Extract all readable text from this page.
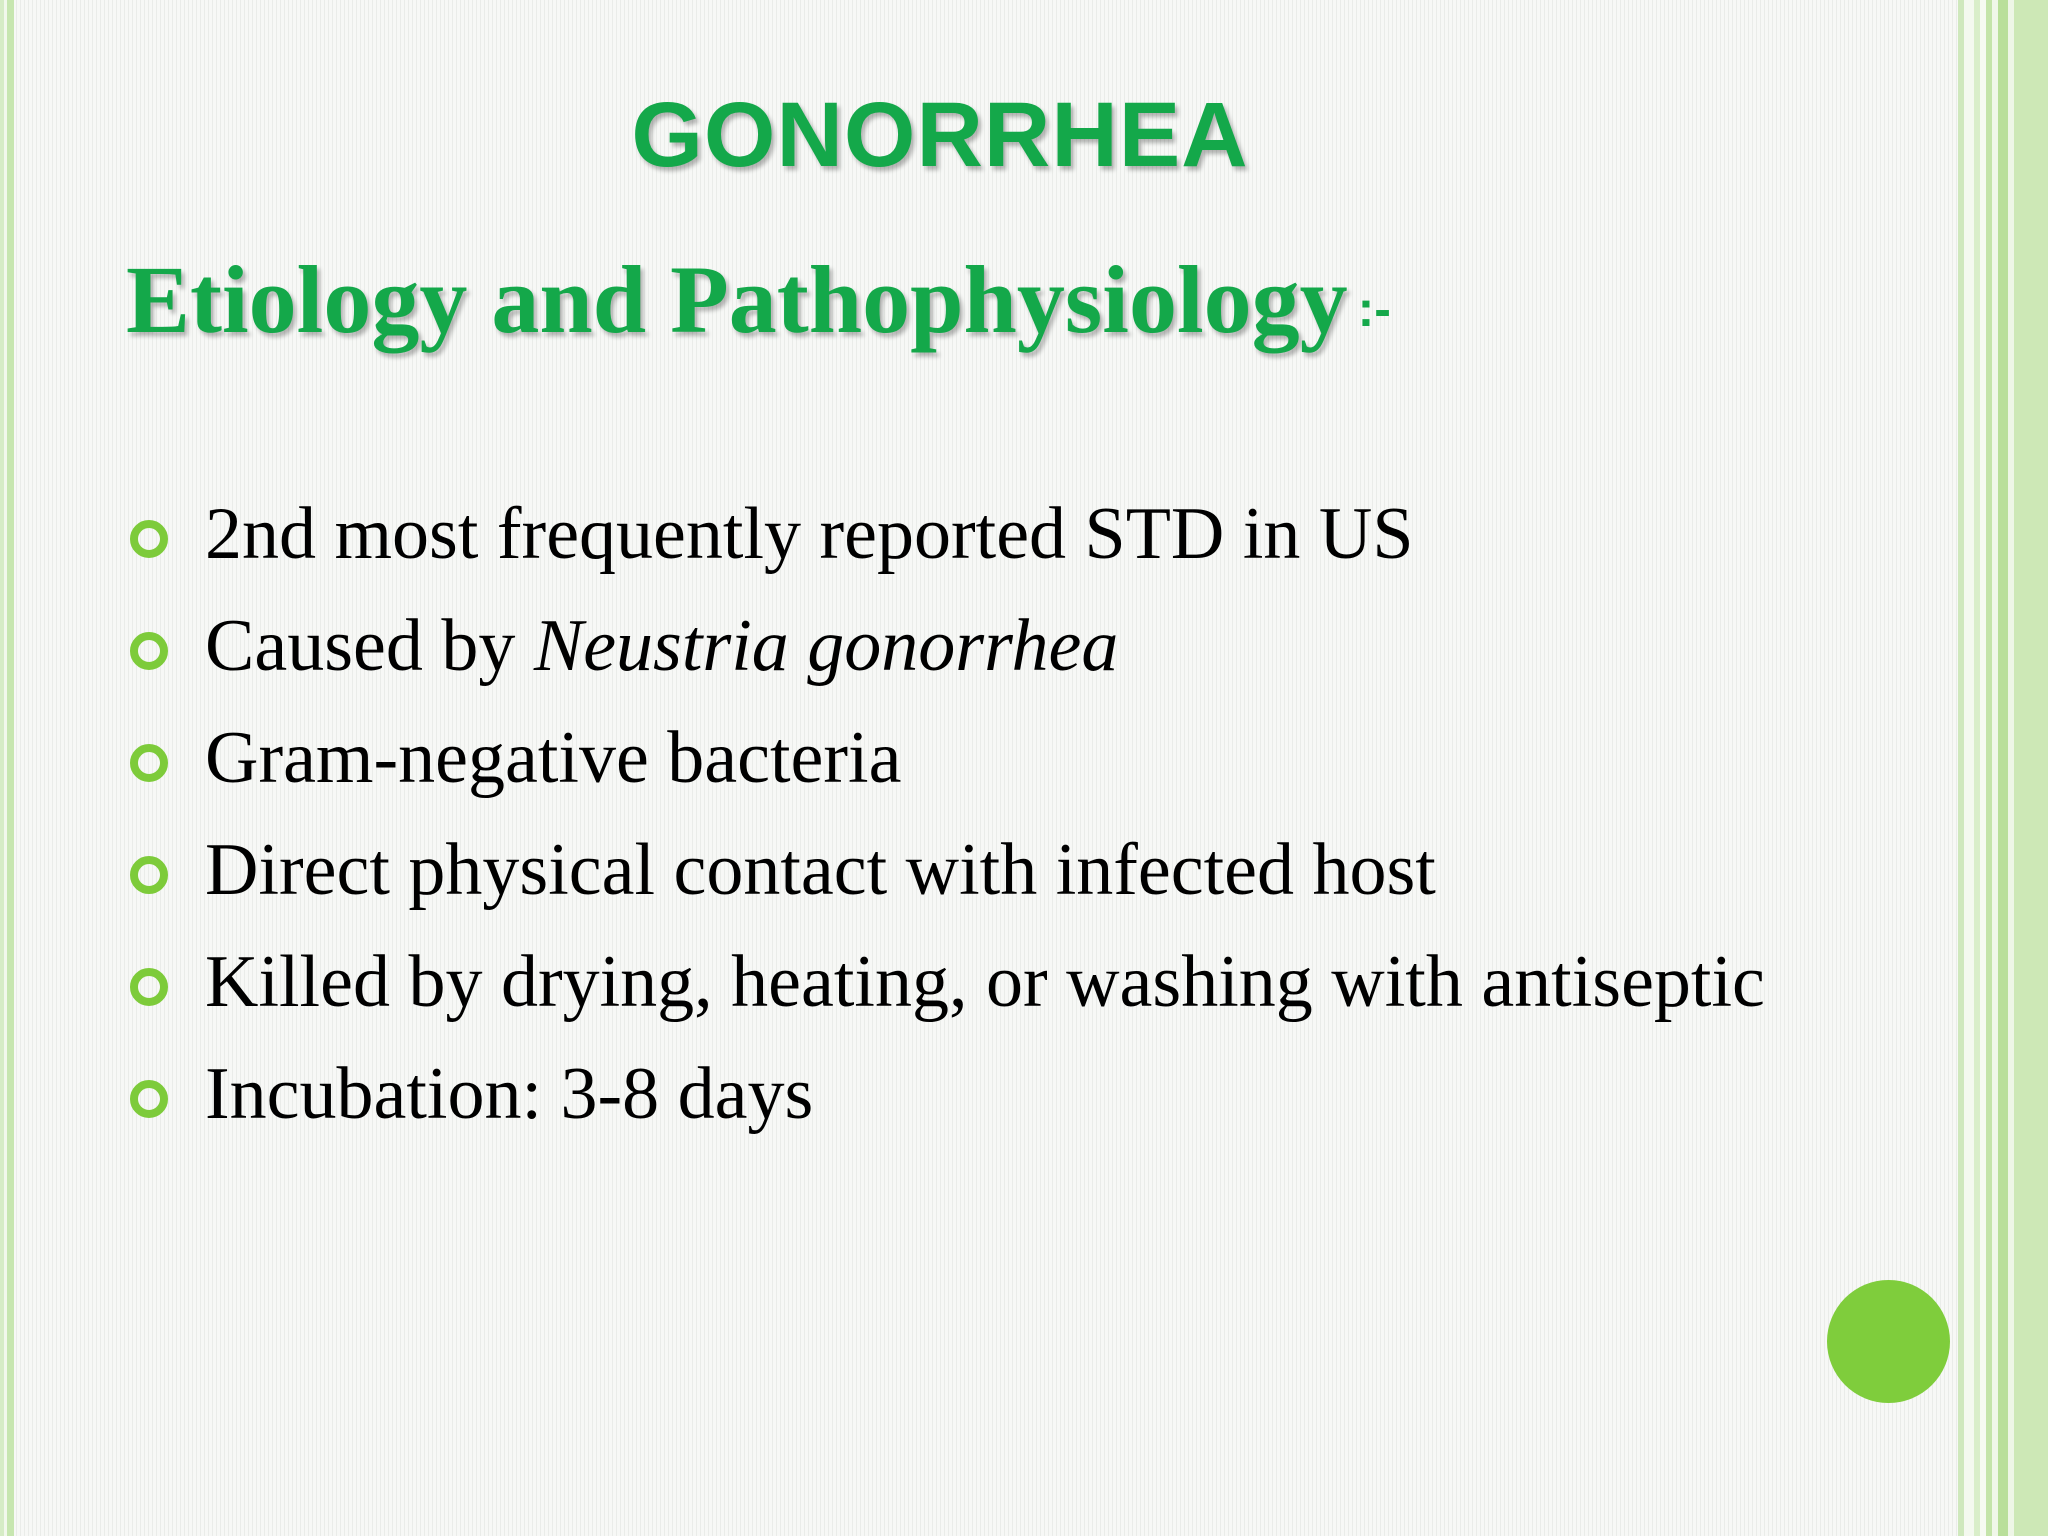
GONORRHEA
Etiology and Pathophysiology :-
2nd most frequently reported STD in US
Caused by Neustria gonorrhea
Gram-negative bacteria
Direct physical contact with infected host
Killed by drying, heating, or washing with antiseptic
Incubation: 3-8 days
